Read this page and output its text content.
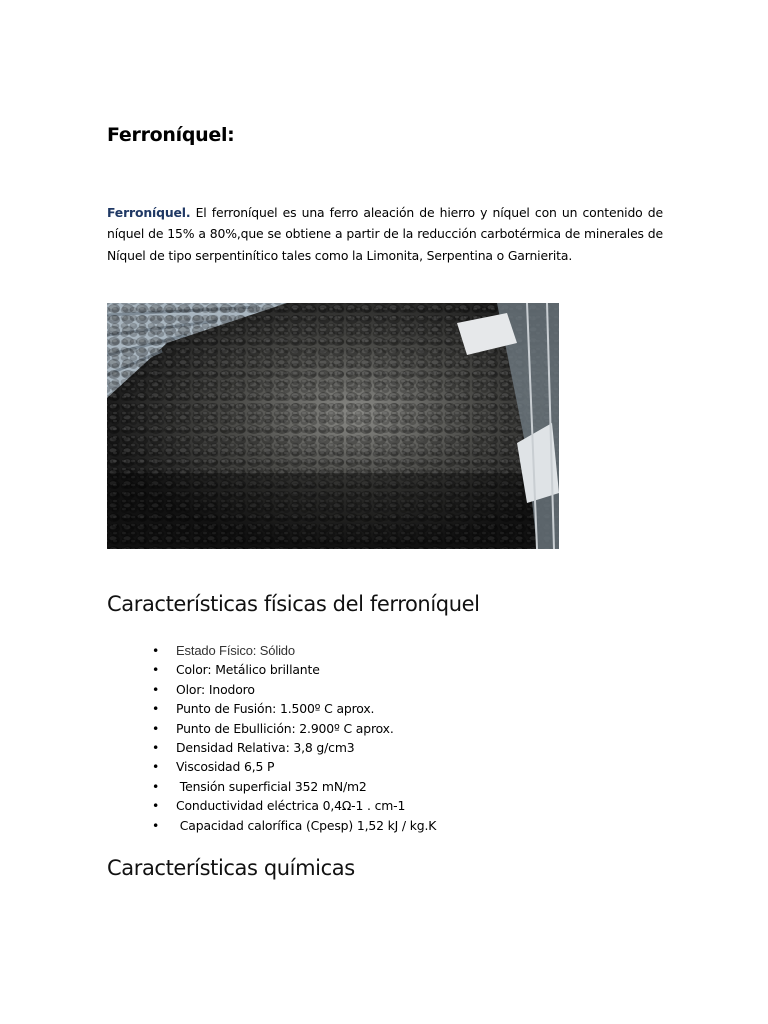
Ferroníquel:
Ferroníquel. El ferroníquel es una ferro aleación de hierro y níquel con un contenido de níquel de 15% a 80%,que se obtiene a partir de la reducción carbotérmica de minerales de Níquel de tipo serpentinítico tales como la Limonita, Serpentina o Garnierita.
Características físicas del ferroníquel
• Estado Físico: Sólido
• Color: Metálico brillante
• Olor: Inodoro
• Punto de Fusión: 1.500º C aprox.
• Punto de Ebullición: 2.900º C aprox.
• Densidad Relativa: 3,8 g/cm3
• Viscosidad 6,5 P
• Tensión superficial 352 mN/m2
• Conductividad eléctrica 0,4Ω-1 . cm-1
• Capacidad calorífica (Cpesp) 1,52 kJ / kg.K
Características químicas
